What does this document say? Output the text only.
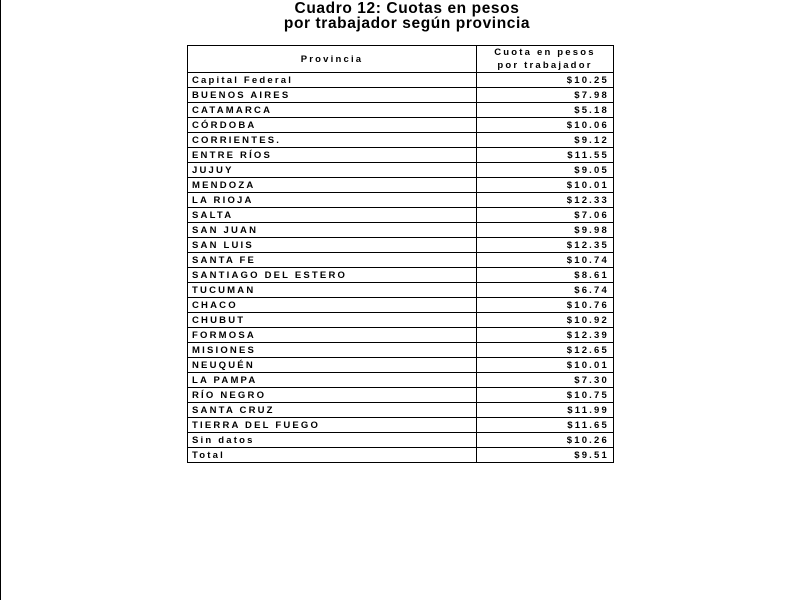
Cuadro 12: Cuotas en pesos
por trabajador según provincia
Provincia	Cuota en pesos
por trabajador

Capital Federal	$10.25
BUENOS AIRES	$7.98
CATAMARCA	$5.18
CÓRDOBA	$10.06
CORRIENTES.	$9.12
ENTRE RÍOS	$11.55
JUJUY	$9.05
MENDOZA	$10.01
LA RIOJA	$12.33
SALTA	$7.06
SAN JUAN	$9.98
SAN LUIS	$12.35
SANTA FE	$10.74
SANTIAGO DEL ESTERO	$8.61
TUCUMAN	$6.74
CHACO	$10.76
CHUBUT	$10.92
FORMOSA	$12.39
MISIONES	$12.65
NEUQUÉN	$10.01
LA PAMPA	$7.30
RÍO NEGRO	$10.75
SANTA CRUZ	$11.99
TIERRA DEL FUEGO	$11.65
Sin datos	$10.26
Total	$9.51
